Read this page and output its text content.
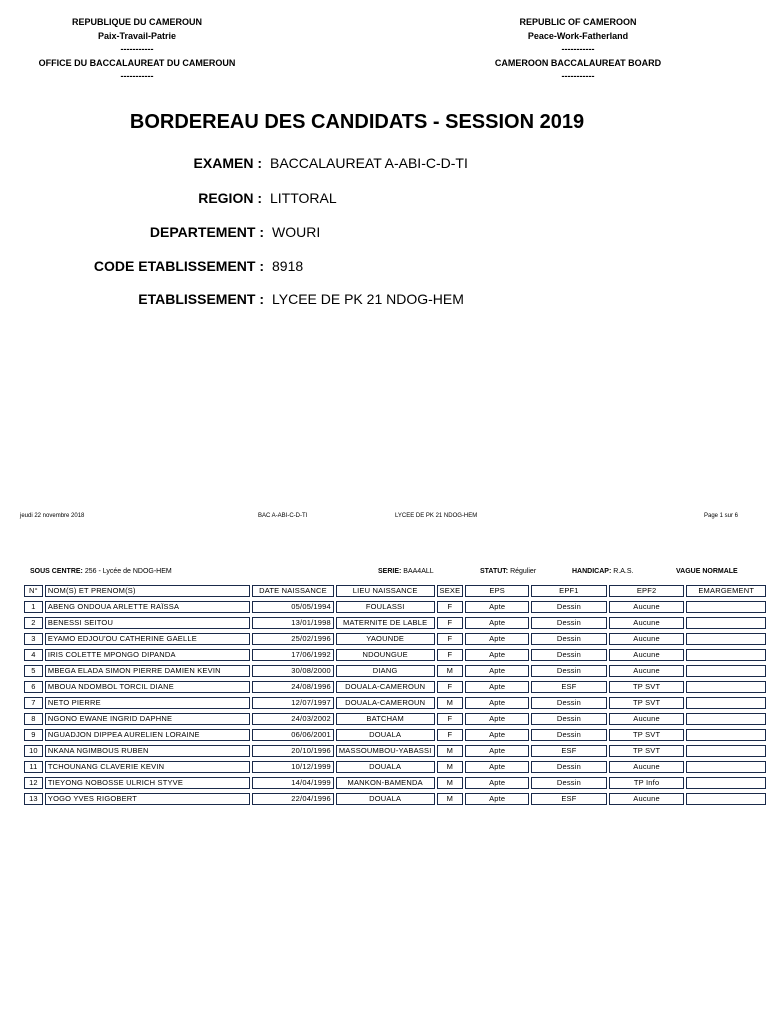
REPUBLIQUE DU CAMEROUN
Paix-Travail-Patrie
-----------
OFFICE DU BACCALAUREAT DU CAMEROUN
-----------
REPUBLIC OF CAMEROON
Peace-Work-Fatherland
-----------
CAMEROON BACCALAUREAT BOARD
-----------
BORDEREAU DES CANDIDATS - SESSION 2019
EXAMEN : BACCALAUREAT A-ABI-C-D-TI
REGION : LITTORAL
DEPARTEMENT : WOURI
CODE ETABLISSEMENT : 8918
ETABLISSEMENT : LYCEE DE PK 21 NDOG-HEM
jeudi 22 novembre 2018	BAC A-ABI-C-D-TI	LYCEE DE PK 21 NDOG-HEM	Page 1 sur 6
SOUS CENTRE: 256 - Lycée de NDOG-HEM	SERIE: BAA4ALL	STATUT: Régulier	HANDICAP: R.A.S.	VAGUE NORMALE
N°	NOM(S) ET PRENOM(S)	DATE NAISSANCE	LIEU NAISSANCE	SEXE	EPS	EPF1	EPF2	EMARGEMENT
1	ABENG ONDOUA ARLETTE RAÏSSA	05/05/1994	FOULASSI	F	Apte	Dessin	Aucune	
2	BENESSI SEITOU	13/01/1998	MATERNITE DE LABLE	F	Apte	Dessin	Aucune	
3	EYAMO EDJOU'OU CATHERINE GAELLE	25/02/1996	YAOUNDE	F	Apte	Dessin	Aucune	
4	IRIS COLETTE MPONGO DIPANDA	17/06/1992	NDOUNGUE	F	Apte	Dessin	Aucune	
5	MBEGA ELADA SIMON PIERRE DAMIEN KEVIN	30/08/2000	DIANG	M	Apte	Dessin	Aucune	
6	MBOUA NDOMBOL TORCIL DIANE	24/08/1996	DOUALA-CAMEROUN	F	Apte	ESF	TP SVT	
7	NETO PIERRE	12/07/1997	DOUALA-CAMEROUN	M	Apte	Dessin	TP SVT	
8	NGONO EWANE INGRID DAPHNE	24/03/2002	BATCHAM	F	Apte	Dessin	Aucune	
9	NGUADJON DIPPEA AURELIEN LORAINE	06/06/2001	DOUALA	F	Apte	Dessin	TP SVT	
10	NKANA NGIMBOUS RUBEN	20/10/1996	MASSOUMBOU-YABASSI	M	Apte	ESF	TP SVT	
11	TCHOUNANG CLAVERIE KEVIN	10/12/1999	DOUALA	M	Apte	Dessin	Aucune	
12	TIEYONG NOBOSSE ULRICH STYVE	14/04/1999	MANKON-BAMENDA	M	Apte	Dessin	TP Info	
13	YOGO YVES RIGOBERT	22/04/1996	DOUALA	M	Apte	ESF	Aucune	
